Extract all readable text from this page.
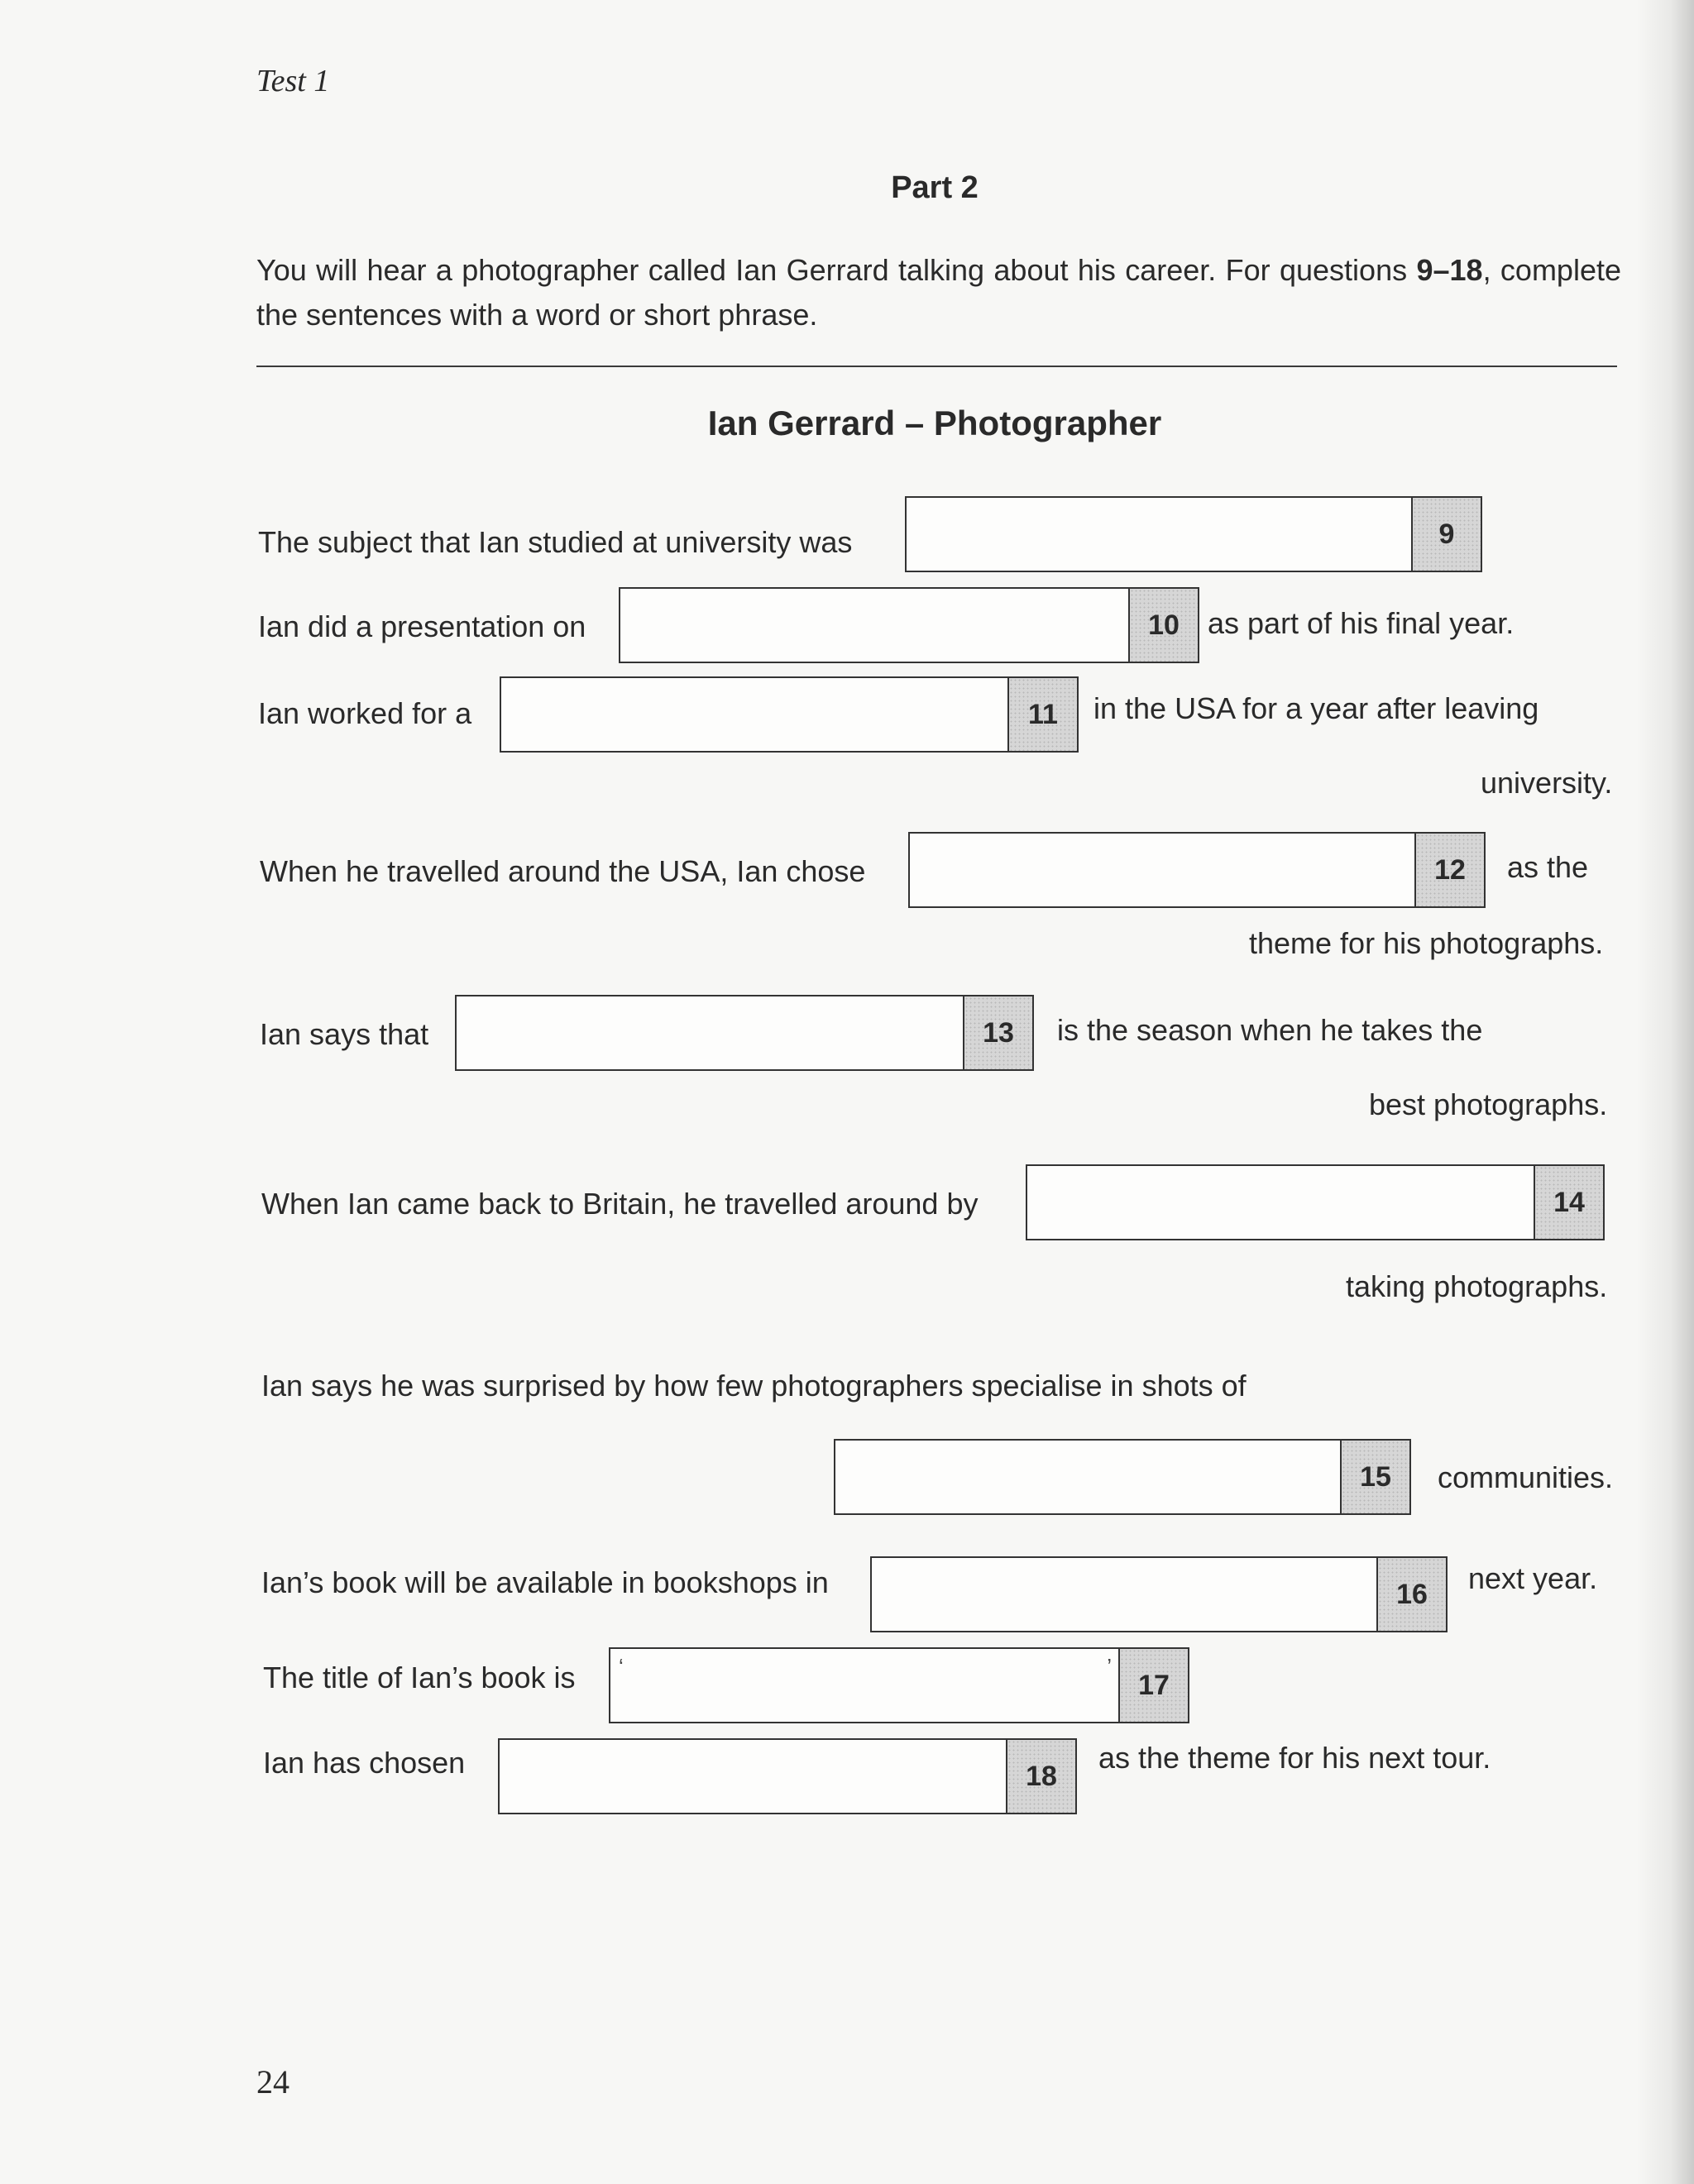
Test 1
Part 2
You will hear a photographer called Ian Gerrard talking about his career. For questions 9–18, complete the sentences with a word or short phrase.
Ian Gerrard – Photographer
The subject that Ian studied at university was	9
Ian did a presentation on	10 as part of his final year.
Ian worked for a	11	in the USA for a year after leaving
university.
When he travelled around the USA, Ian chose	12	as the
theme for his photographs.
Ian says that	13	is the season when he takes the
best photographs.
When Ian came back to Britain, he travelled around by	14
taking photographs.
Ian says he was surprised by how few photographers specialise in shots of
15	communities.
Ian’s book will be available in bookshops in	16	next year.
The title of Ian’s book is	‘	’
17
Ian has chosen	18
as the theme for his next tour.
24
